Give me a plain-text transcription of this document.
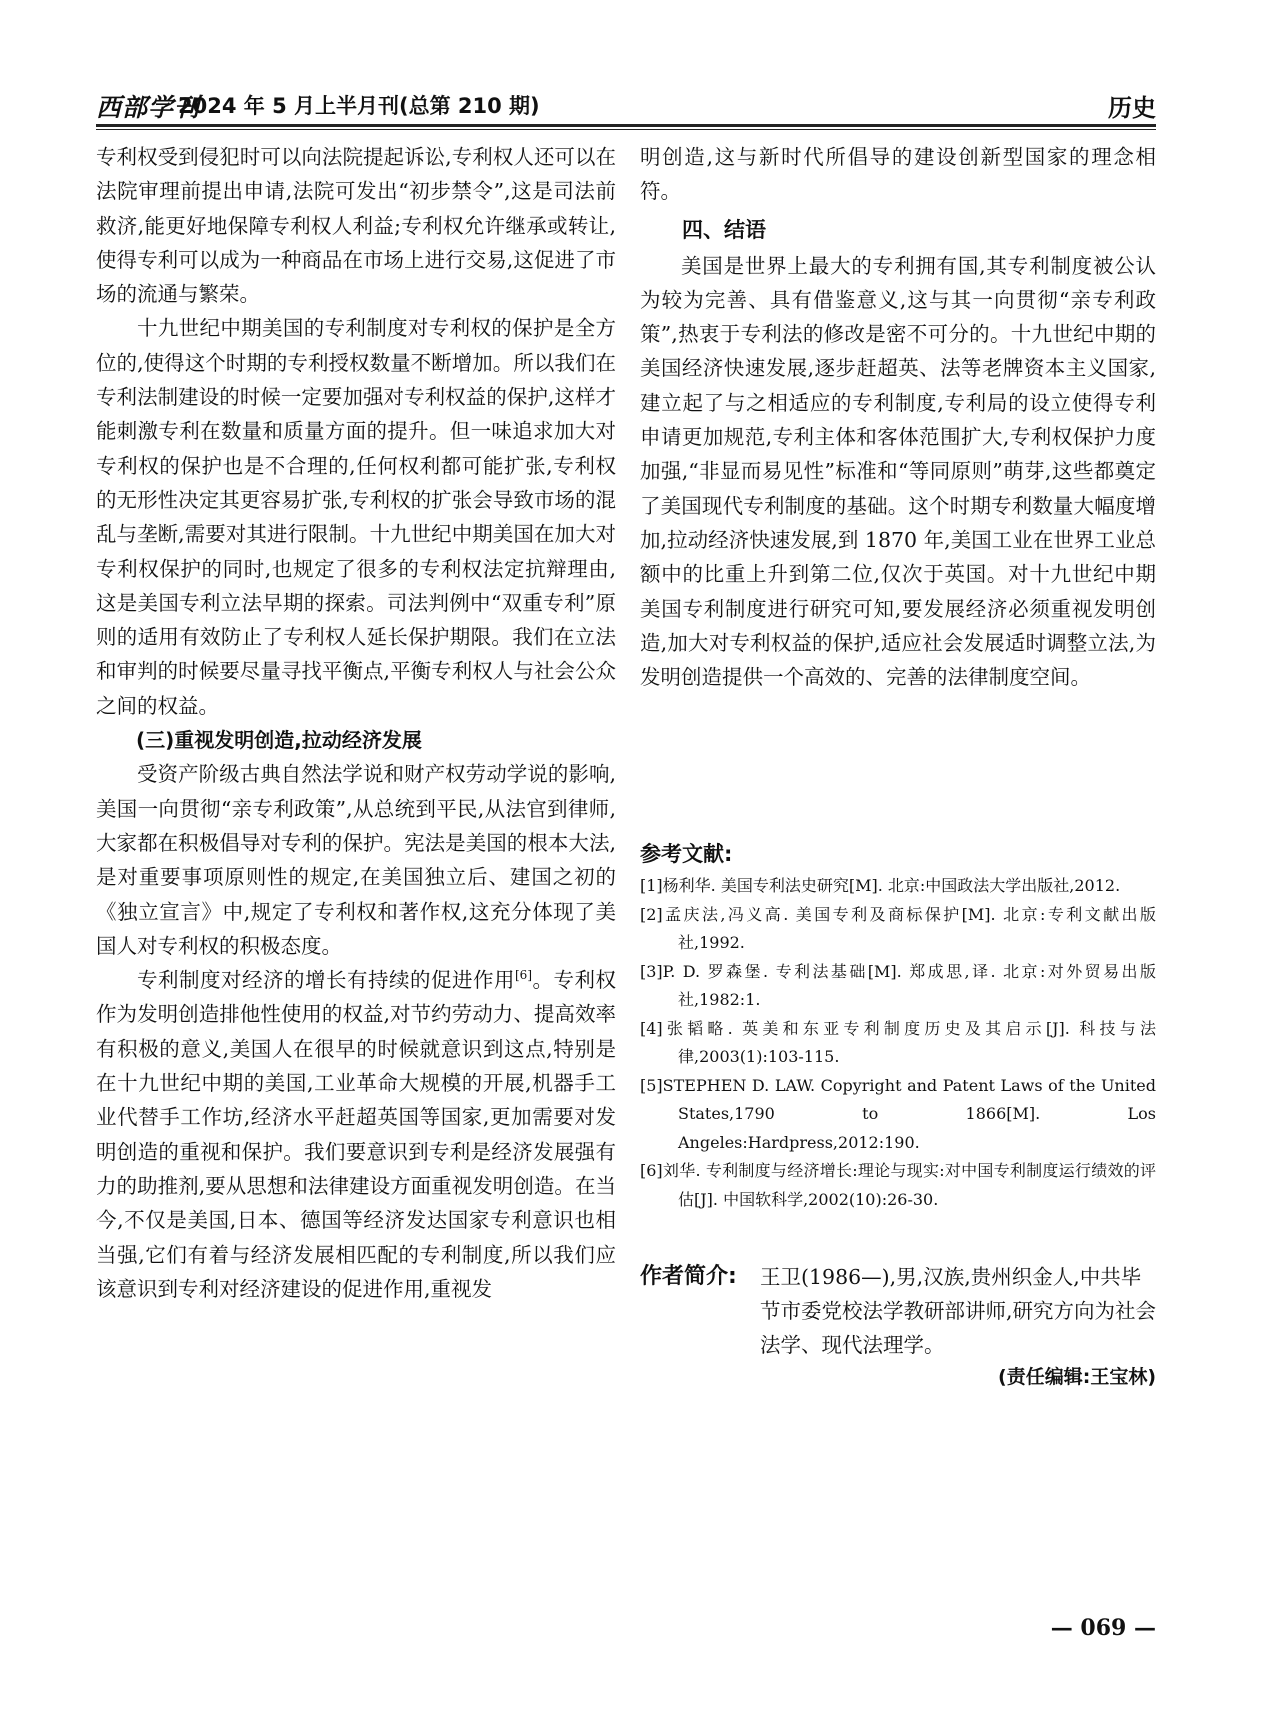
西部学刊
2024 年 5 月上半月刊(总第 210 期)	历史

专利权受到侵犯时可以向法院提起诉讼,专利权人还可以在法院审理前提出申请,法院可发出“初步禁令”,这是司法前救济,能更好地保障专利权人利益;专利权允许继承或转让,使得专利可以成为一种商品在市场上进行交易,这促进了市场的流通与繁荣。

十九世纪中期美国的专利制度对专利权的保护是全方位的,使得这个时期的专利授权数量不断增加。所以我们在专利法制建设的时候一定要加强对专利权益的保护,这样才能刺激专利在数量和质量方面的提升。但一味追求加大对专利权的保护也是不合理的,任何权利都可能扩张,专利权的无形性决定其更容易扩张,专利权的扩张会导致市场的混乱与垄断,需要对其进行限制。十九世纪中期美国在加大对专利权保护的同时,也规定了很多的专利权法定抗辩理由,这是美国专利立法早期的探索。司法判例中“双重专利”原则的适用有效防止了专利权人延长保护期限。我们在立法和审判的时候要尽量寻找平衡点,平衡专利权人与社会公众之间的权益。

(三)重视发明创造,拉动经济发展

受资产阶级古典自然法学说和财产权劳动学说的影响,美国一向贯彻“亲专利政策”,从总统到平民,从法官到律师,大家都在积极倡导对专利的保护。宪法是美国的根本大法,是对重要事项原则性的规定,在美国独立后、建国之初的《独立宣言》中,规定了专利权和著作权,这充分体现了美国人对专利权的积极态度。

专利制度对经济的增长有持续的促进作用[6]。专利权作为发明创造排他性使用的权益,对节约劳动力、提高效率有积极的意义,美国人在很早的时候就意识到这点,特别是在十九世纪中期的美国,工业革命大规模的开展,机器手工业代替手工作坊,经济水平赶超英国等国家,更加需要对发明创造的重视和保护。我们要意识到专利是经济发展强有力的助推剂,要从思想和法律建设方面重视发明创造。在当今,不仅是美国,日本、德国等经济发达国家专利意识也相当强,它们有着与经济发展相匹配的专利制度,所以我们应该意识到专利对经济建设的促进作用,重视发

明创造,这与新时代所倡导的建设创新型国家的理念相符。

四、结语

美国是世界上最大的专利拥有国,其专利制度被公认为较为完善、具有借鉴意义,这与其一向贯彻“亲专利政策”,热衷于专利法的修改是密不可分的。十九世纪中期的美国经济快速发展,逐步赶超英、法等老牌资本主义国家,建立起了与之相适应的专利制度,专利局的设立使得专利申请更加规范,专利主体和客体范围扩大,专利权保护力度加强,“非显而易见性”标准和“等同原则”萌芽,这些都奠定了美国现代专利制度的基础。这个时期专利数量大幅度增加,拉动经济快速发展,到 1870 年,美国工业在世界工业总额中的比重上升到第二位,仅次于英国。对十九世纪中期美国专利制度进行研究可知,要发展经济必须重视发明创造,加大对专利权益的保护,适应社会发展适时调整立法,为发明创造提供一个高效的、完善的法律制度空间。

参考文献:

[1]杨利华. 美国专利法史研究[M]. 北京:中国政法大学出版社,2012.

[2]孟庆法,冯义高. 美国专利及商标保护[M]. 北京:专利文献出版社,1992.

[3]P. D. 罗森堡. 专利法基础[M]. 郑成思,译. 北京:对外贸易出版社,1982:1.

[4]张韬略. 英美和东亚专利制度历史及其启示[J]. 科技与法律,2003(1):103-115.

[5]STEPHEN D. LAW. Copyright and Patent Laws of the United States,1790 to 1866[M]. Los Angeles:Hardpress,2012:190.

[6]刘华. 专利制度与经济增长:理论与现实:对中国专利制度运行绩效的评估[J]. 中国软科学,2002(10):26-30.

作者简介:	王卫(1986—),男,汉族,贵州织金人,中共毕节市委党校法学教研部讲师,研究方向为社会法学、现代法理学。

(责任编辑:王宝林)
— 069 —
